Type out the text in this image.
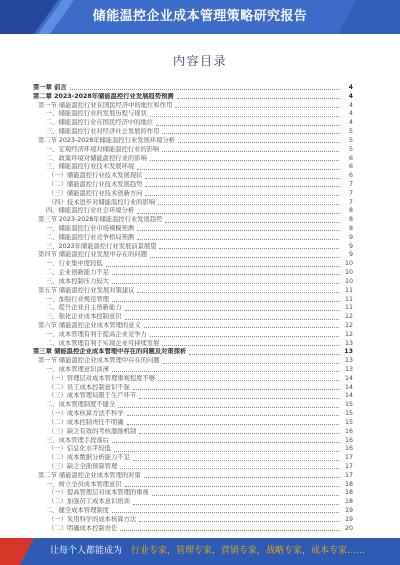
储能温控企业成本管理策略研究报告
内容目录
第一章 前言	4
第二章 2023-2028年储能温控行业发展趋势预测	4
第一节 储能温控行业在国民经济中的地位和作用	4
一、储能温控行业的发展历程与现状	4
二、储能温控行业在国民经济中的地位	4
三、储能温控行业对经济社会发展的作用	5
第二节 2023-2028年储能温控行业发展环境分析	5
一、宏观经济环境对储能温控行业的影响	5
二、政策环境对储能温控行业的影响	6
三、储能温控行业技术发展环境	6
（一）储能温控行业技术发展现状	6
（二）储能温控行业技术发展趋势	7
（三）储能温控行业技术创新方向	7
（四）技术进步对储能温控行业的影响	7
四、储能温控行业社会环境分析	8
第三节 2023-2028年储能温控行业发展趋势	8
一、储能温控行业市场规模预测	8
二、储能温控行业竞争格局预测	9
三、2023年储能温控行业发展前景展望	9
第四节 储能温控行业发展中存在的问题	9
一、行业集中度较低	10
二、企业创新能力不足	10
三、成本控制压力较大	10
第五节 储能温控行业发展对策建议	11
一、加强行业规范管理	11
二、提升企业自主创新能力	11
三、强化企业成本控制意识	12
第六节 储能温控企业成本管理的意义	12
一、成本管理有利于提高企业竞争力	12
二、成本管理有利于实现企业可持续发展	13
第三章 储能温控企业成本管理中存在的问题及对策探析	13
第一节 储能温控企业成本管理中存在的问题	13
一、成本管理意识淡薄	13
（一）管理层对成本管理重视程度不够	14
（二）员工成本控制意识不强	14
（三）成本管理局限于生产环节	14
二、成本管理制度不健全	15
（一）成本核算方法不科学	15
（二）成本控制责任不明确	15
（三）缺乏有效的考核激励机制	16
三、成本管理手段落后	16
（一）信息化水平较低	16
（二）成本数据分析能力不足	17
（三）缺乏全面预算管理	17
第二节 储能温控企业成本管理的对策	17
一、树立全员成本管理意识	18
（一）提高管理层对成本管理的重视	18
（二）加强员工成本意识培训	18
二、健全成本管理制度	19
（一）采用科学的成本核算方法	19
（二）明确成本控制责任	20
让每个人都能成为 行业专家，管理专家，营销专家，战略专家，成本专家……
